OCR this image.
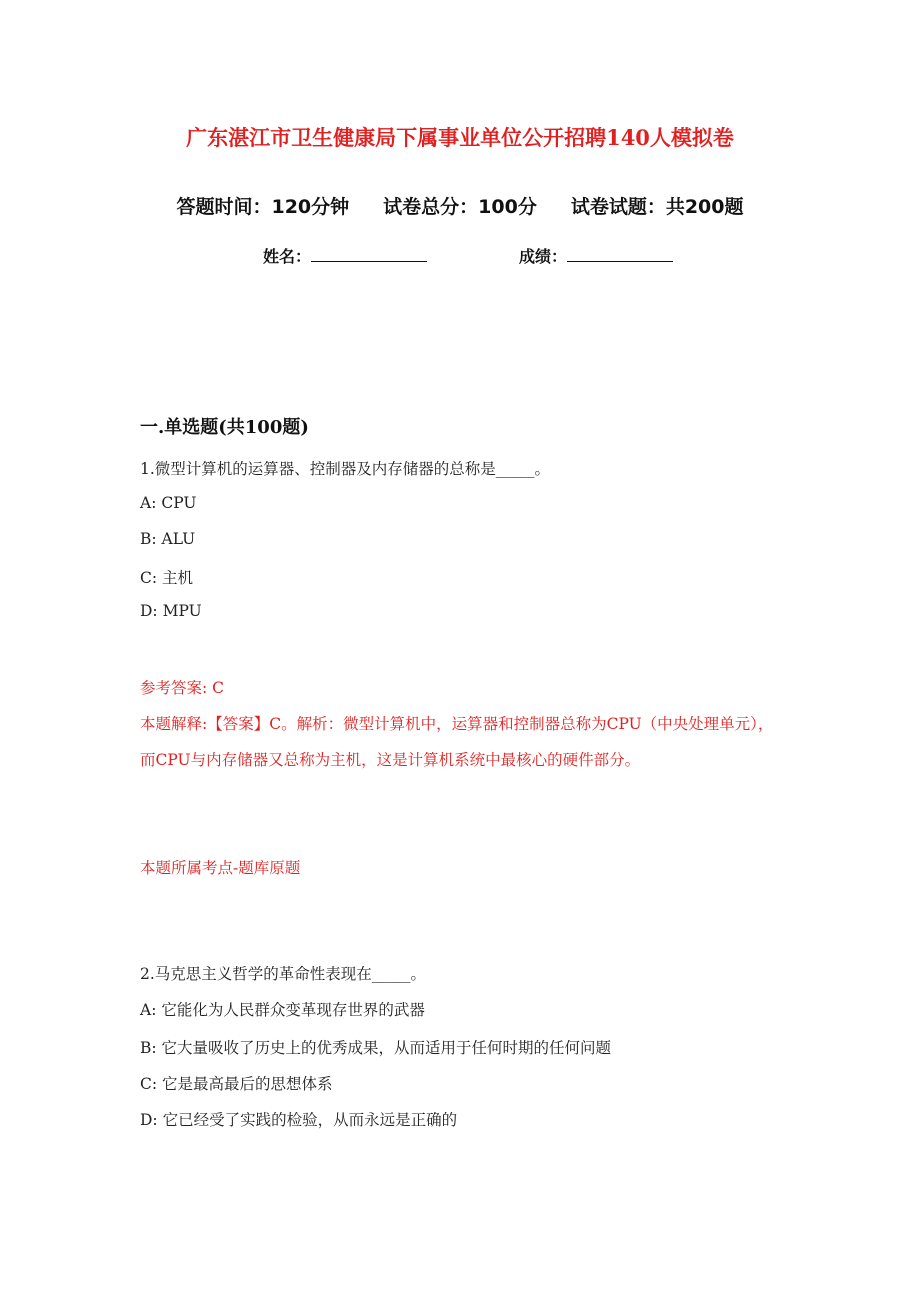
广东湛江市卫生健康局下属事业单位公开招聘140人模拟卷
答题时间：120分钟 试卷总分：100分 试卷试题：共200题
姓名：	成绩：
一.单选题(共100题)
1.微型计算机的运算器、控制器及内存储器的总称是_____。
A: CPU
B: ALU
C: 主机
D: MPU
参考答案: C
本题解释:【答案】C。解析：微型计算机中，运算器和控制器总称为CPU（中央处理单元），而CPU与内存储器又总称为主机，这是计算机系统中最核心的硬件部分。
本题所属考点-题库原题
2.马克思主义哲学的革命性表现在_____。
A: 它能化为人民群众变革现存世界的武器
B: 它大量吸收了历史上的优秀成果，从而适用于任何时期的任何问题
C: 它是最高最后的思想体系
D: 它已经受了实践的检验，从而永远是正确的
